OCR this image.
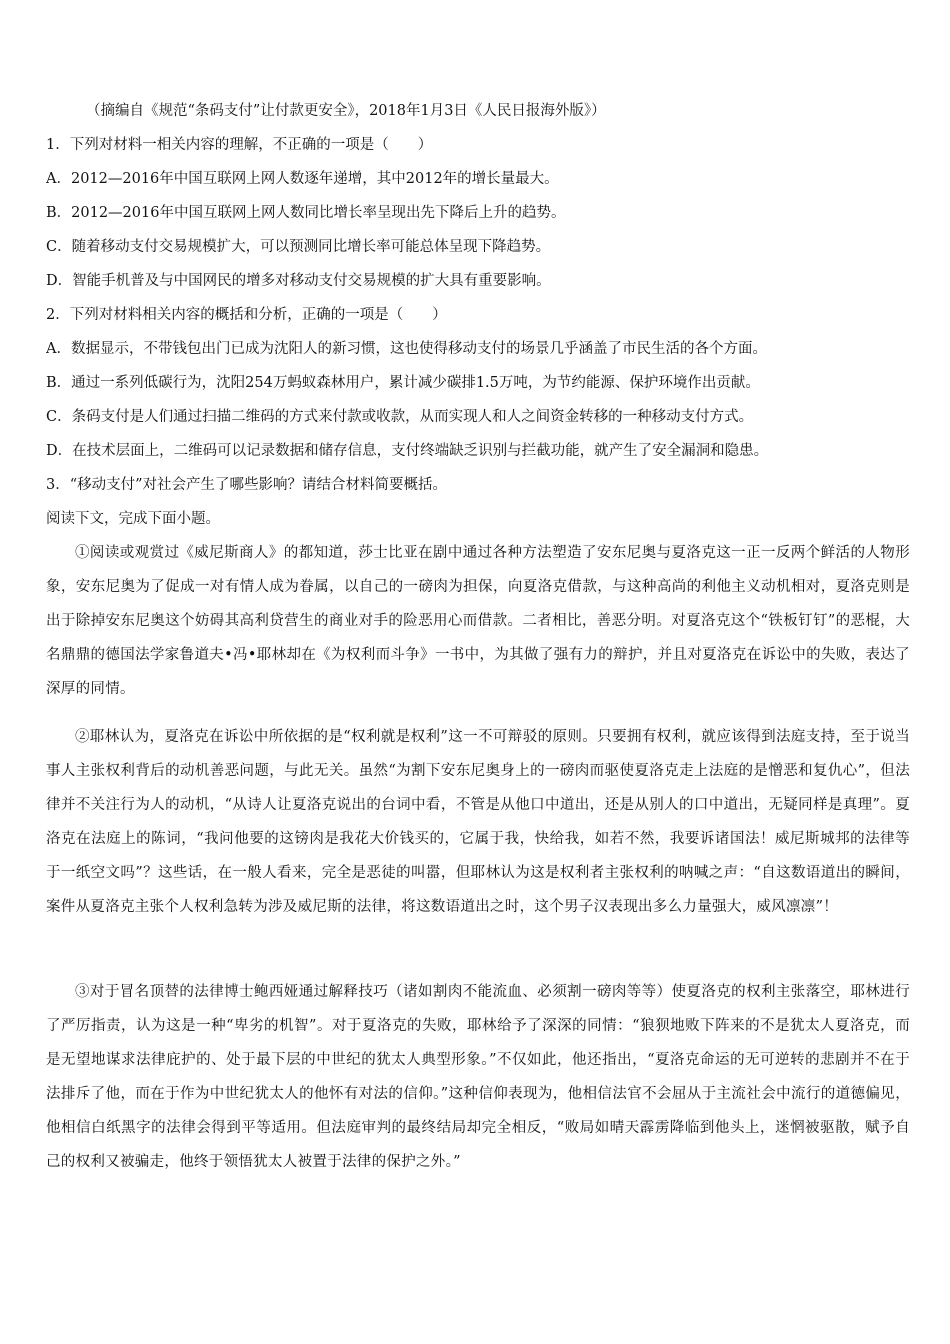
（摘编自《规范“条码支付”让付款更安全》，2018年1月3日《人民日报海外版》）
1．下列对材料一相关内容的理解，不正确的一项是（　　）
A．2012—2016年中国互联网上网人数逐年递增，其中2012年的增长量最大。
B．2012—2016年中国互联网上网人数同比增长率呈现出先下降后上升的趋势。
C．随着移动支付交易规模扩大，可以预测同比增长率可能总体呈现下降趋势。
D．智能手机普及与中国网民的增多对移动支付交易规模的扩大具有重要影响。
2．下列对材料相关内容的概括和分析，正确的一项是（　　）
A．数据显示，不带钱包出门已成为沈阳人的新习惯，这也使得移动支付的场景几乎涵盖了市民生活的各个方面。
B．通过一系列低碳行为，沈阳254万蚂蚁森林用户，累计减少碳排1.5万吨，为节约能源、保护环境作出贡献。
C．条码支付是人们通过扫描二维码的方式来付款或收款，从而实现人和人之间资金转移的一种移动支付方式。
D．在技术层面上，二维码可以记录数据和储存信息，支付终端缺乏识别与拦截功能，就产生了安全漏洞和隐患。
3．“移动支付”对社会产生了哪些影响？请结合材料简要概括。
阅读下文，完成下面小题。
①阅读或观赏过《威尼斯商人》的都知道，莎士比亚在剧中通过各种方法塑造了安东尼奥与夏洛克这一正一反两个鲜活的人物形象，安东尼奥为了促成一对有情人成为眷属，以自己的一磅肉为担保，向夏洛克借款，与这种高尚的利他主义动机相对，夏洛克则是出于除掉安东尼奥这个妨碍其高利贷营生的商业对手的险恶用心而借款。二者相比，善恶分明。对夏洛克这个“铁板钉钉”的恶棍，大名鼎鼎的德国法学家鲁道夫•冯•耶林却在《为权利而斗争》一书中，为其做了强有力的辩护，并且对夏洛克在诉讼中的失败，表达了深厚的同情。
②耶林认为，夏洛克在诉讼中所依据的是“权利就是权利”这一不可辩驳的原则。只要拥有权利，就应该得到法庭支持，至于说当事人主张权利背后的动机善恶问题，与此无关。虽然“为割下安东尼奥身上的一磅肉而驱使夏洛克走上法庭的是憎恶和复仇心”，但法律并不关注行为人的动机，“从诗人让夏洛克说出的台词中看，不管是从他口中道出，还是从别人的口中道出，无疑同样是真理”。夏洛克在法庭上的陈词，“我问他要的这镑肉是我花大价钱买的，它属于我，快给我，如若不然，我要诉诸国法！威尼斯城邦的法律等于一纸空文吗”？这些话，在一般人看来，完全是恶徒的叫嚣，但耶林认为这是权利者主张权利的呐喊之声：“自这数语道出的瞬间，案件从夏洛克主张个人权利急转为涉及威尼斯的法律，将这数语道出之时，这个男子汉表现出多么力量强大，威风凛凛”！
③对于冒名顶替的法律博士鲍西娅通过解释技巧（诸如割肉不能流血、必须割一磅肉等等）使夏洛克的权利主张落空，耶林进行了严厉指责，认为这是一种“卑劣的机智”。对于夏洛克的失败，耶林给予了深深的同情：“狼狈地败下阵来的不是犹太人夏洛克，而是无望地谋求法律庇护的、处于最下层的中世纪的犹太人典型形象。”不仅如此，他还指出，“夏洛克命运的无可逆转的悲剧并不在于法排斥了他，而在于作为中世纪犹太人的他怀有对法的信仰。”这种信仰表现为，他相信法官不会屈从于主流社会中流行的道德偏见，他相信白纸黑字的法律会得到平等适用。但法庭审判的最终结局却完全相反，“败局如晴天霹雳降临到他头上，迷惘被驱散，赋予自己的权利又被骗走，他终于领悟犹太人被置于法律的保护之外。”
